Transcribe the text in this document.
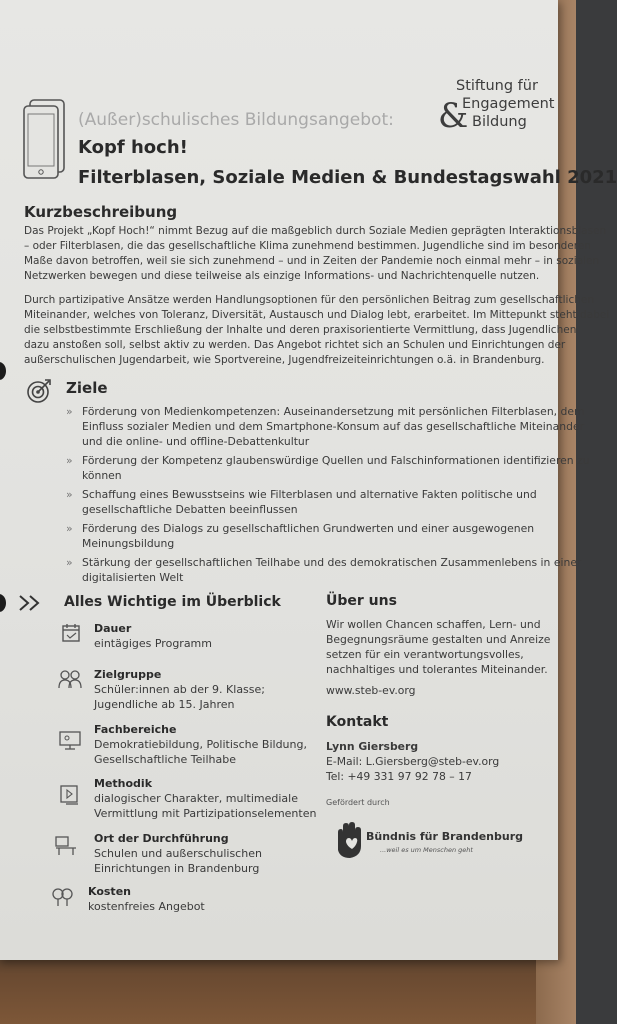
(Außer)schulisches Bildungsangebot:
Kopf hoch!
Filterblasen, Soziale Medien & Bundestagswahl 2021
&
Stiftung für
Engagement
Bildung
Kurzbeschreibung
Das Projekt „Kopf Hoch!“ nimmt Bezug auf die maßgeblich durch Soziale Medien geprägten Interaktionsblasen
– oder Filterblasen, die das gesellschaftliche Klima zunehmend bestimmen. Jugendliche sind im besonderen
Maße davon betroffen, weil sie sich zunehmend – und in Zeiten der Pandemie noch einmal mehr – in sozialen
Netzwerken bewegen und diese teilweise als einzige Informations- und Nachrichtenquelle nutzen.
Durch partizipative Ansätze werden Handlungsoptionen für den persönlichen Beitrag zum gesellschaftlichen
Miteinander, welches von Toleranz, Diversität, Austausch und Dialog lebt, erarbeitet. Im Mittepunkt steht dabei
die selbstbestimmte Erschließung der Inhalte und deren praxisorientierte Vermittlung, dass Jugendlichen
dazu anstoßen soll, selbst aktiv zu werden. Das Angebot richtet sich an Schulen und Einrichtungen der
außerschulischen Jugendarbeit, wie Sportvereine, Jugendfreizeiteinrichtungen o.ä. in Brandenburg.
Ziele
» Förderung von Medienkompetenzen: Auseinandersetzung mit persönlichen Filterblasen, dem
Einfluss sozialer Medien und dem Smartphone-Konsum auf das gesellschaftliche Miteinander
und die online- und offline-Debattenkultur
» Förderung der Kompetenz glaubenswürdige Quellen und Falschinformationen identifizieren zu
können
» Schaffung eines Bewusstseins wie Filterblasen und alternative Fakten politische und
gesellschaftliche Debatten beeinflussen
» Förderung des Dialogs zu gesellschaftlichen Grundwerten und einer ausgewogenen
Meinungsbildung
» Stärkung der gesellschaftlichen Teilhabe und des demokratischen Zusammenlebens in einer
digitalisierten Welt
Alles Wichtige im Überblick
Dauer
eintägiges Programm
Zielgruppe
Schüler:innen ab der 9. Klasse;
Jugendliche ab 15. Jahren
Fachbereiche
Demokratiebildung, Politische Bildung,
Gesellschaftliche Teilhabe
Methodik
dialogischer Charakter, multimediale
Vermittlung mit Partizipationselementen
Ort der Durchführung
Schulen und außerschulischen
Einrichtungen in Brandenburg
Kosten
kostenfreies Angebot
Über uns
Wir wollen Chancen schaffen, Lern- und
Begegnungsräume gestalten und Anreize
setzen für ein verantwortungsvolles,
nachhaltiges und tolerantes Miteinander.
www.steb-ev.org
Kontakt
Lynn Giersberg
E-Mail: L.Giersberg@steb-ev.org
Tel: +49 331 97 92 78 – 17
Gefördert durch
Bündnis für Brandenburg
...weil es um Menschen geht
